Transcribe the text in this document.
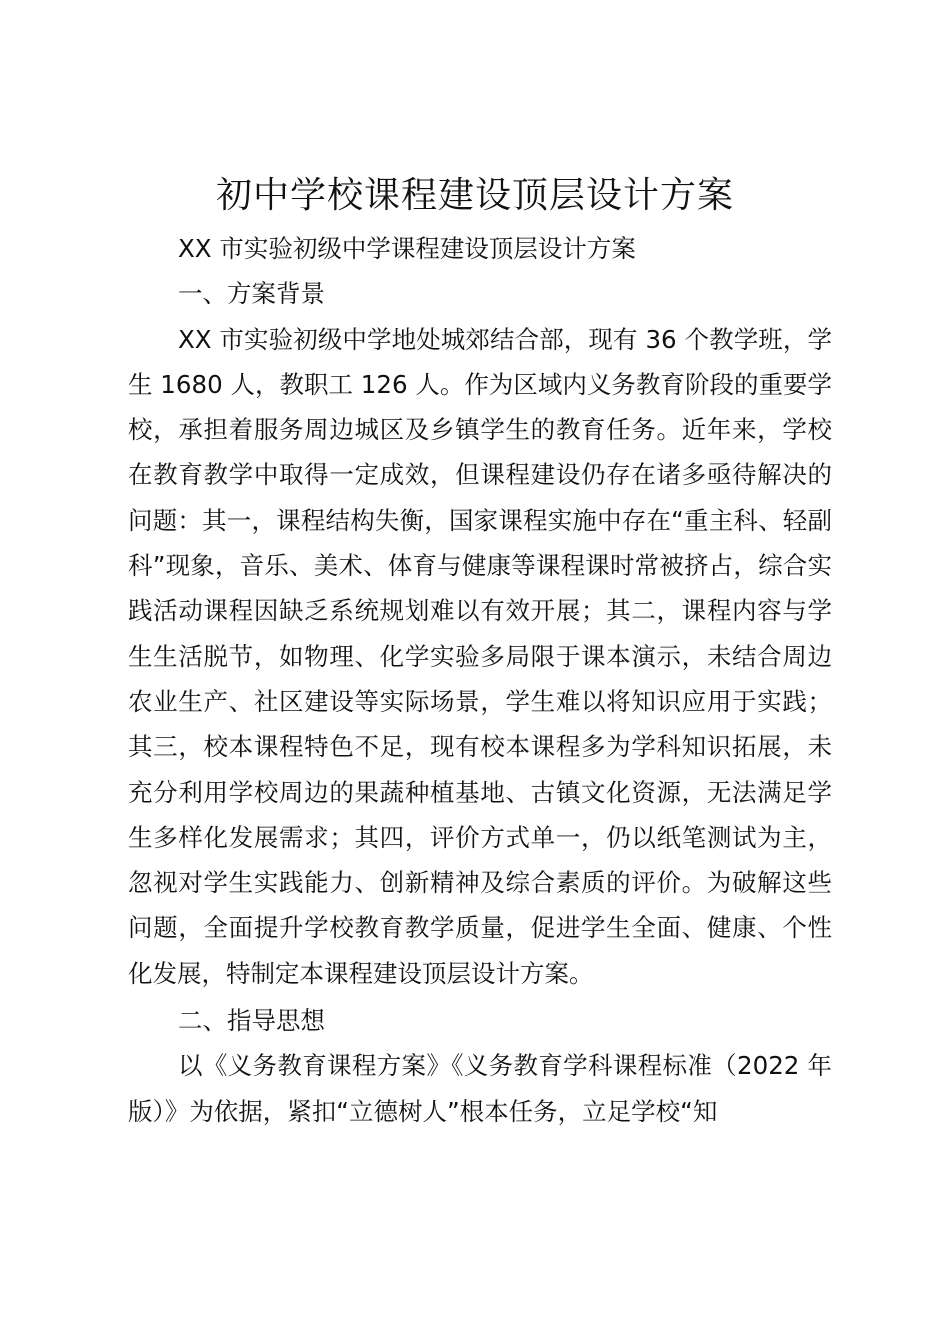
初中学校课程建设顶层设计方案

XX 市实验初级中学课程建设顶层设计方案

一、方案背景

XX 市实验初级中学地处城郊结合部，现有 36 个教学班，学生 1680 人，教职工 126 人。作为区域内义务教育阶段的重要学校，承担着服务周边城区及乡镇学生的教育任务。近年来，学校在教育教学中取得一定成效，但课程建设仍存在诸多亟待解决的问题：其一，课程结构失衡，国家课程实施中存在“重主科、轻副科”现象，音乐、美术、体育与健康等课程课时常被挤占，综合实践活动课程因缺乏系统规划难以有效开展；其二，课程内容与学生生活脱节，如物理、化学实验多局限于课本演示，未结合周边农业生产、社区建设等实际场景，学生难以将知识应用于实践；其三，校本课程特色不足，现有校本课程多为学科知识拓展，未充分利用学校周边的果蔬种植基地、古镇文化资源，无法满足学生多样化发展需求；其四，评价方式单一，仍以纸笔测试为主，忽视对学生实践能力、创新精神及综合素质的评价。为破解这些问题，全面提升学校教育教学质量，促进学生全面、健康、个性化发展，特制定本课程建设顶层设计方案。

二、指导思想

以《义务教育课程方案》《义务教育学科课程标准（2022 年版）》为依据，紧扣“立德树人”根本任务，立足学校“知
